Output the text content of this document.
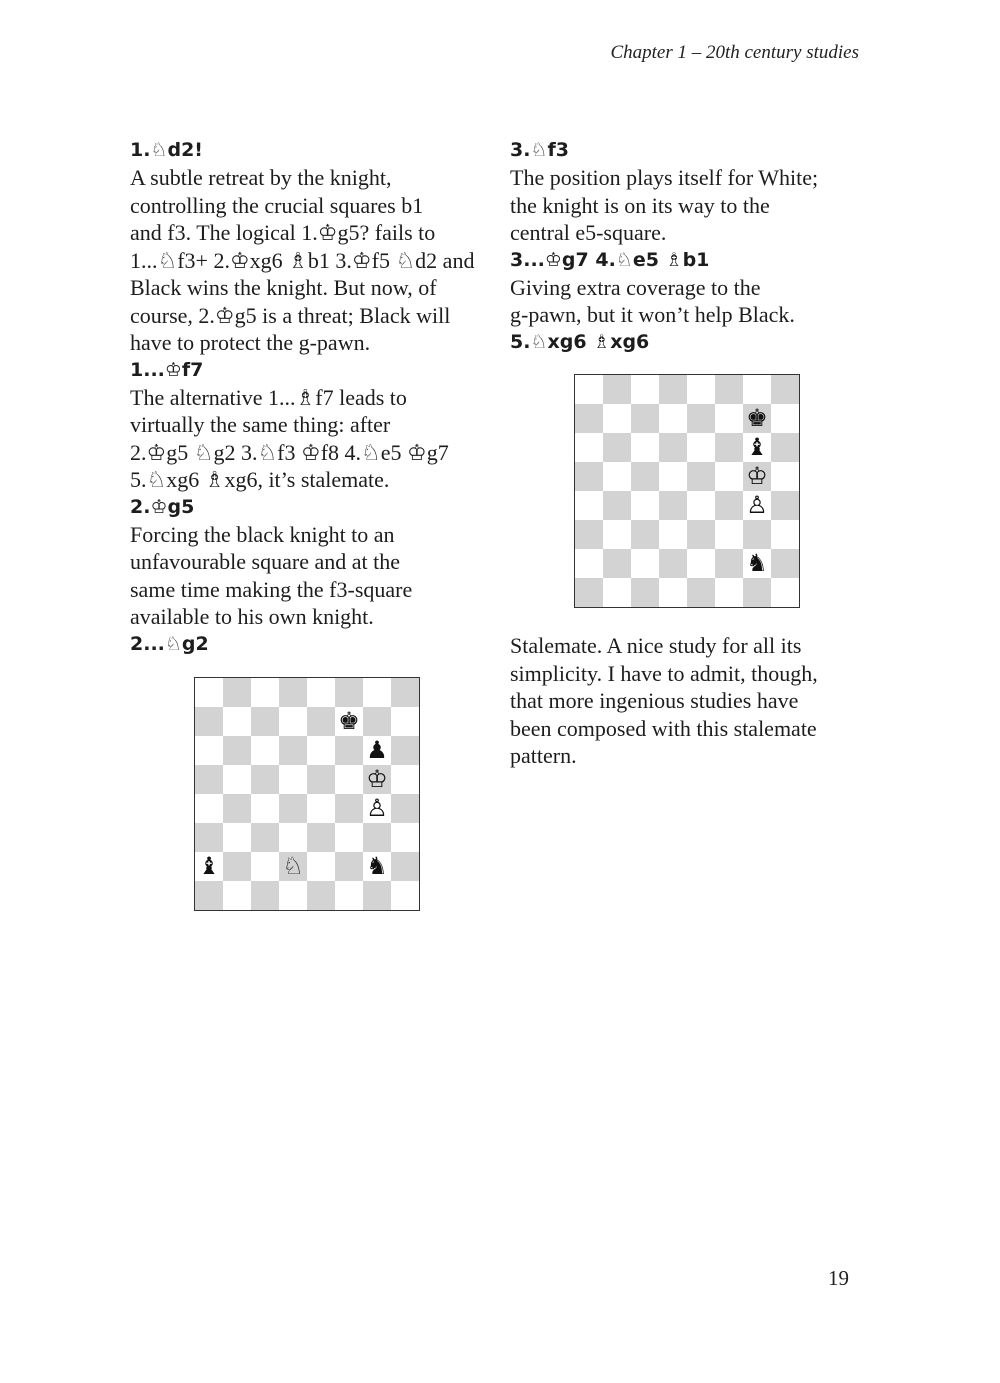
Chapter 1 – 20th century studies

1.♘d2!

A subtle retreat by the knight,
controlling the crucial squares b1
and f3. The logical 1.♔g5? fails to
1...♘f3+ 2.♔xg6 ♗b1 3.♔f5 ♘d2 and
Black wins the knight. But now, of
course, 2.♔g5 is a threat; Black will
have to protect the g-pawn.

1...♔f7

The alternative 1...♗f7 leads to
virtually the same thing: after
2.♔g5 ♘g2 3.♘f3 ♔f8 4.♘e5 ♔g7
5.♘xg6 ♗xg6, it’s stalemate.

2.♔g5

Forcing the black knight to an
unfavourable square and at the
same time making the f3-square
available to his own knight.

2...♘g2

♚
♟
♔
♙
♝	♘	♞

3.♘f3

The position plays itself for White;
the knight is on its way to the
central e5-square.

3...♔g7 4.♘e5 ♗b1

Giving extra coverage to the
g-pawn, but it won’t help Black.

5.♘xg6 ♗xg6

♚
♝
♔
♙
♞

Stalemate. A nice study for all its
simplicity. I have to admit, though,
that more ingenious studies have
been composed with this stalemate
pattern.

19
